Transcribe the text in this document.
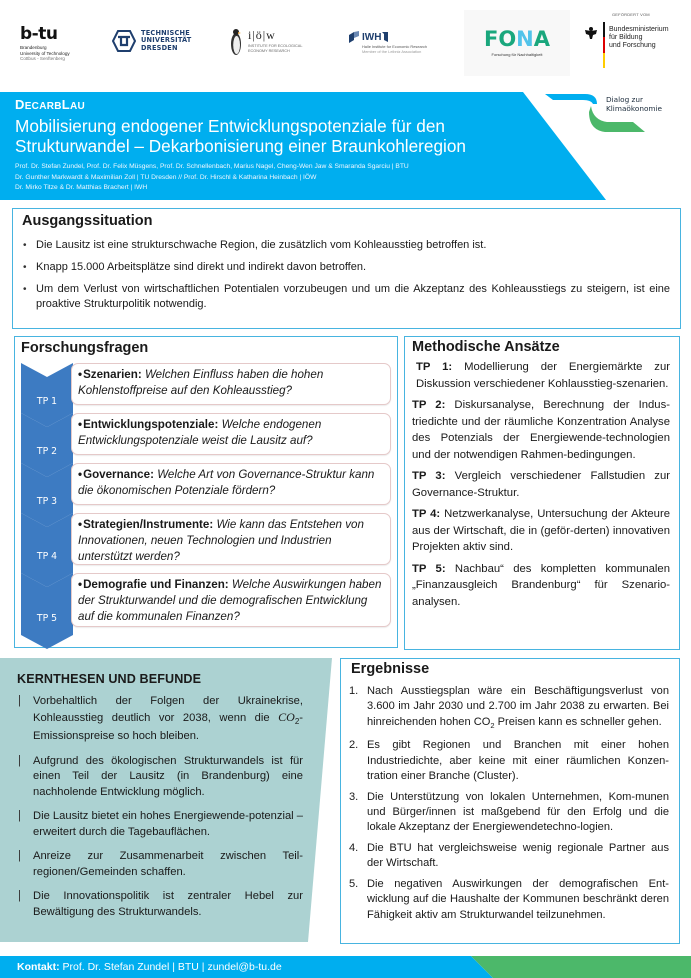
b-tu
Brandenburg
University of Technology
Cottbus - Senftenberg
TECHNISCHE
UNIVERSITÄT
DRESDEN
i|ö|w
INSTITUTE FOR ECOLOGICAL
ECONOMY RESEARCH
IWH
Halle Institute for Economic Research
Member of the Leibniz Association
FONA
Forschung für Nachhaltigkeit
GEFÖRDERT VOM
Bundesministerium
für Bildung
und Forschung
DECARBLAU
Mobilisierung endogener Entwicklungspotenziale für den
Strukturwandel – Dekarbonisierung einer Braunkohleregion
Prof. Dr. Stefan Zundel, Prof. Dr. Felix Müsgens, Prof. Dr. Schnellenbach, Marius Nagel, Cheng-Wen Jaw & Smaranda Sgarciu | BTU
Dr. Gunther Markwardt & Maximilian Zoll | TU Dresden // Prof. Dr. Hirschl & Katharina Heinbach | IÖW
Dr. Mirko Titze & Dr. Matthias Brachert | IWH
Dialog zur
Klimaökonomie
Ausgangssituation
• Die Lausitz ist eine strukturschwache Region, die zusätzlich vom Kohleausstieg betroffen ist.
• Knapp 15.000 Arbeitsplätze sind direkt und indirekt davon betroffen.
• Um dem Verlust von wirtschaftlichen Potentialen vorzubeugen und um die Akzeptanz des Kohleausstiegs zu steigern, ist eine proaktive Strukturpolitik notwendig.
Forschungsfragen
TP 1
•Szenarien: Welchen Einfluss haben die hohen Kohlenstoffpreise auf den Kohleausstieg?
TP 2
•Entwicklungspotenziale: Welche endogenen Entwicklungspotenziale weist die Lausitz auf?
TP 3
•Governance: Welche Art von Governance-Struktur kann die ökonomischen Potenziale fördern?
TP 4
•Strategien/Instrumente: Wie kann das Entstehen von Innovationen, neuen Technologien und Industrien unterstützt werden?
TP 5
•Demografie und Finanzen: Welche Auswirkungen haben der Strukturwandel und die demografischen Entwicklung auf die kommunalen Finanzen?
Methodische Ansätze

TP 1: Modellierung der Energiemärkte zur Diskussion verschiedener Kohlausstieg-szenarien.

TP 2: Diskursanalyse, Berechnung der Indus-triedichte und der räumliche Konzentration Analyse des Potenzials der Energiewende-technologien und der notwendigen Rahmen-bedingungen.

TP 3: Vergleich verschiedener Fallstudien zur Governance-Struktur.

TP 4: Netzwerkanalyse, Untersuchung der Akteure aus der Wirtschaft, die in (geför-derten) innovativen Projekten aktiv sind.

TP 5: Nachbau“ des kompletten kommunalen „Finanzausgleich Brandenburg“ für Szenario-analysen.

KERNTHESEN UND BEFUNDE
| Vorbehaltlich der Folgen der Ukrainekrise, Kohleausstieg deutlich vor 2038, wenn die $CO_2$-Emissionspreise so hoch bleiben.
| Aufgrund des ökologischen Strukturwandels ist für einen Teil der Lausitz (in Brandenburg) eine nachholende Entwicklung möglich.
| Die Lausitz bietet ein hohes Energiewende-potenzial – erweitert durch die Tagebauflächen.
| Anreize zur Zusammenarbeit zwischen Teil-regionen/Gemeinden schaffen.
| Die Innovationspolitik ist zentraler Hebel zur Bewältigung des Strukturwandels.
Ergebnisse
1. Nach Ausstiegsplan wäre ein Beschäftigungsverlust von 3.600 im Jahr 2030 und 2.700 im Jahr 2038 zu erwarten. Bei hinreichenden hohen $CO_2$ Preisen kann es schneller gehen.
2. Es gibt Regionen und Branchen mit einer hohen Industriedichte, aber keine mit einer räumlichen Konzen-tration einer Branche (Cluster).
3. Die Unterstützung von lokalen Unternehmen, Kom-munen und Bürger/innen ist maßgebend für den Erfolg und die lokale Akzeptanz der Energiewendetechno-logien.
4. Die BTU hat vergleichsweise wenig regionale Partner aus der Wirtschaft.
5. Die negativen Auswirkungen der demografischen Ent-wicklung auf die Haushalte der Kommunen beschränkt deren Fähigkeit aktiv am Strukturwandel teilzunehmen.
Kontakt: Prof. Dr. Stefan Zundel | BTU | zundel@b-tu.de
